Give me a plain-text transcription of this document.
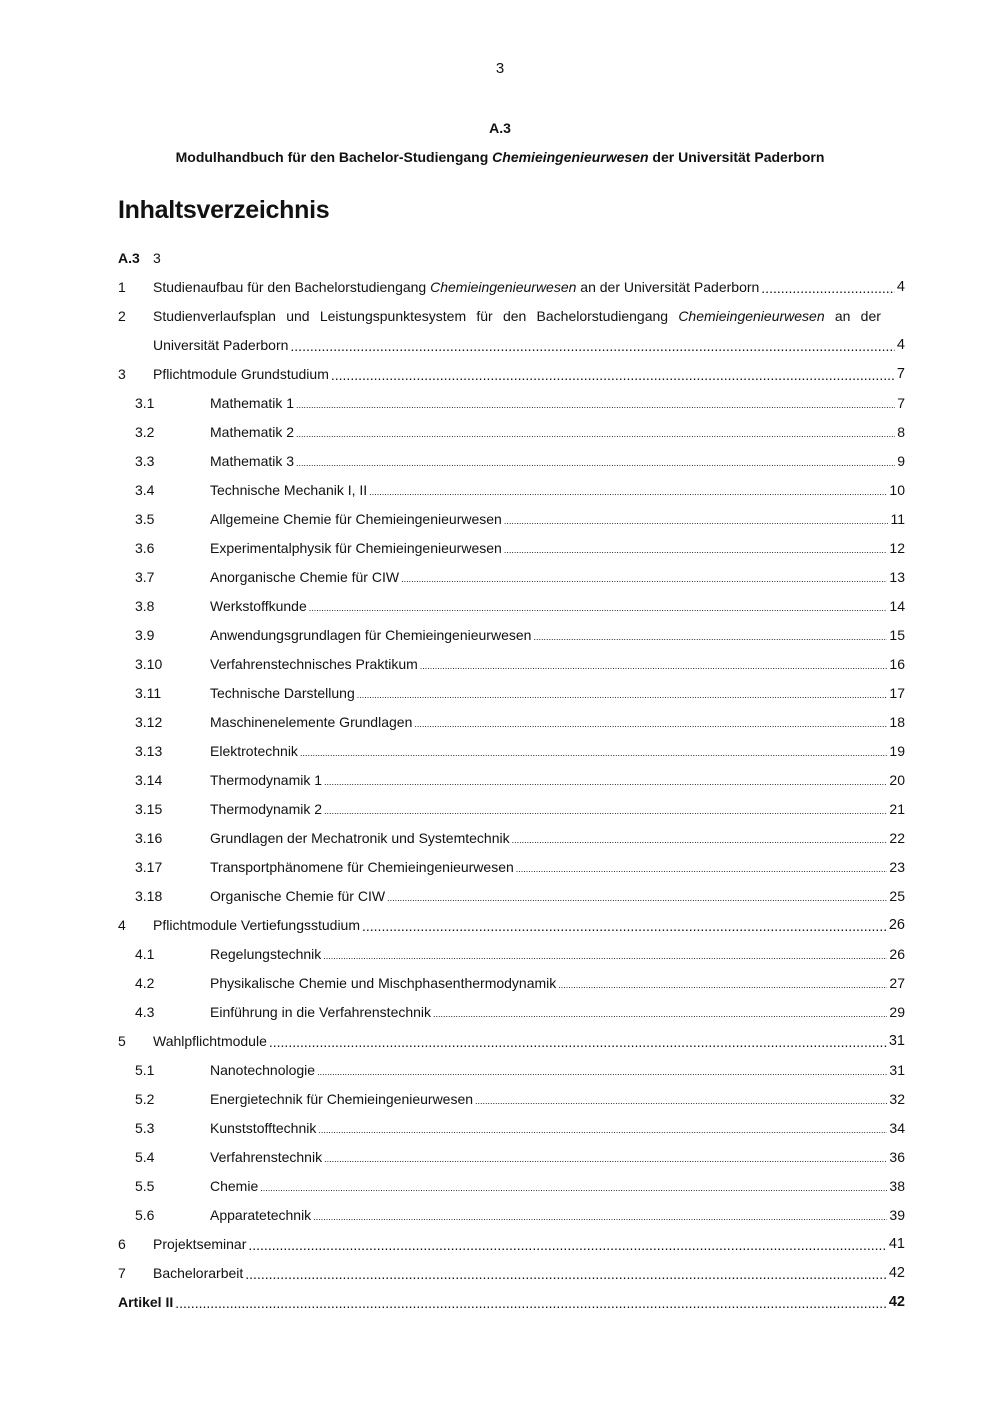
3
A.3
Modulhandbuch für den Bachelor-Studiengang Chemieingenieurwesen der Universität Paderborn
Inhaltsverzeichnis
A.3 3
1	Studienaufbau für den Bachelorstudiengang Chemieingenieurwesen an der Universität Paderborn .....	4
2	Studienverlaufsplan und Leistungspunktesystem für den Bachelorstudiengang Chemieingenieurwesen an der
Universität Paderborn .....	4
3	Pflichtmodule Grundstudium .....	7
3.1	Mathematik 1 .....	7
3.2	Mathematik 2 .....	8
3.3	Mathematik 3 .....	9
3.4	Technische Mechanik I, II .....	10
3.5	Allgemeine Chemie für Chemieingenieurwesen .....	11
3.6	Experimentalphysik für Chemieingenieurwesen .....	12
3.7	Anorganische Chemie für CIW .....	13
3.8	Werkstoffkunde .....	14
3.9	Anwendungsgrundlagen für Chemieingenieurwesen .....	15
3.10	Verfahrenstechnisches Praktikum .....	16
3.11	Technische Darstellung .....	17
3.12	Maschinenelemente Grundlagen .....	18
3.13	Elektrotechnik .....	19
3.14	Thermodynamik 1 .....	20
3.15	Thermodynamik 2 .....	21
3.16	Grundlagen der Mechatronik und Systemtechnik .....	22
3.17	Transportphänomene für Chemieingenieurwesen .....	23
3.18	Organische Chemie für CIW .....	25
4	Pflichtmodule Vertiefungsstudium .....	26
4.1	Regelungstechnik .....	26
4.2	Physikalische Chemie und Mischphasenthermodynamik .....	27
4.3	Einführung in die Verfahrenstechnik .....	29
5	Wahlpflichtmodule .....	31
5.1	Nanotechnologie .....	31
5.2	Energietechnik für Chemieingenieurwesen .....	32
5.3	Kunststofftechnik .....	34
5.4	Verfahrenstechnik .....	36
5.5	Chemie .....	38
5.6	Apparatetechnik .....	39
6	Projektseminar .....	41
7	Bachelorarbeit .....	42
Artikel II .....	42
